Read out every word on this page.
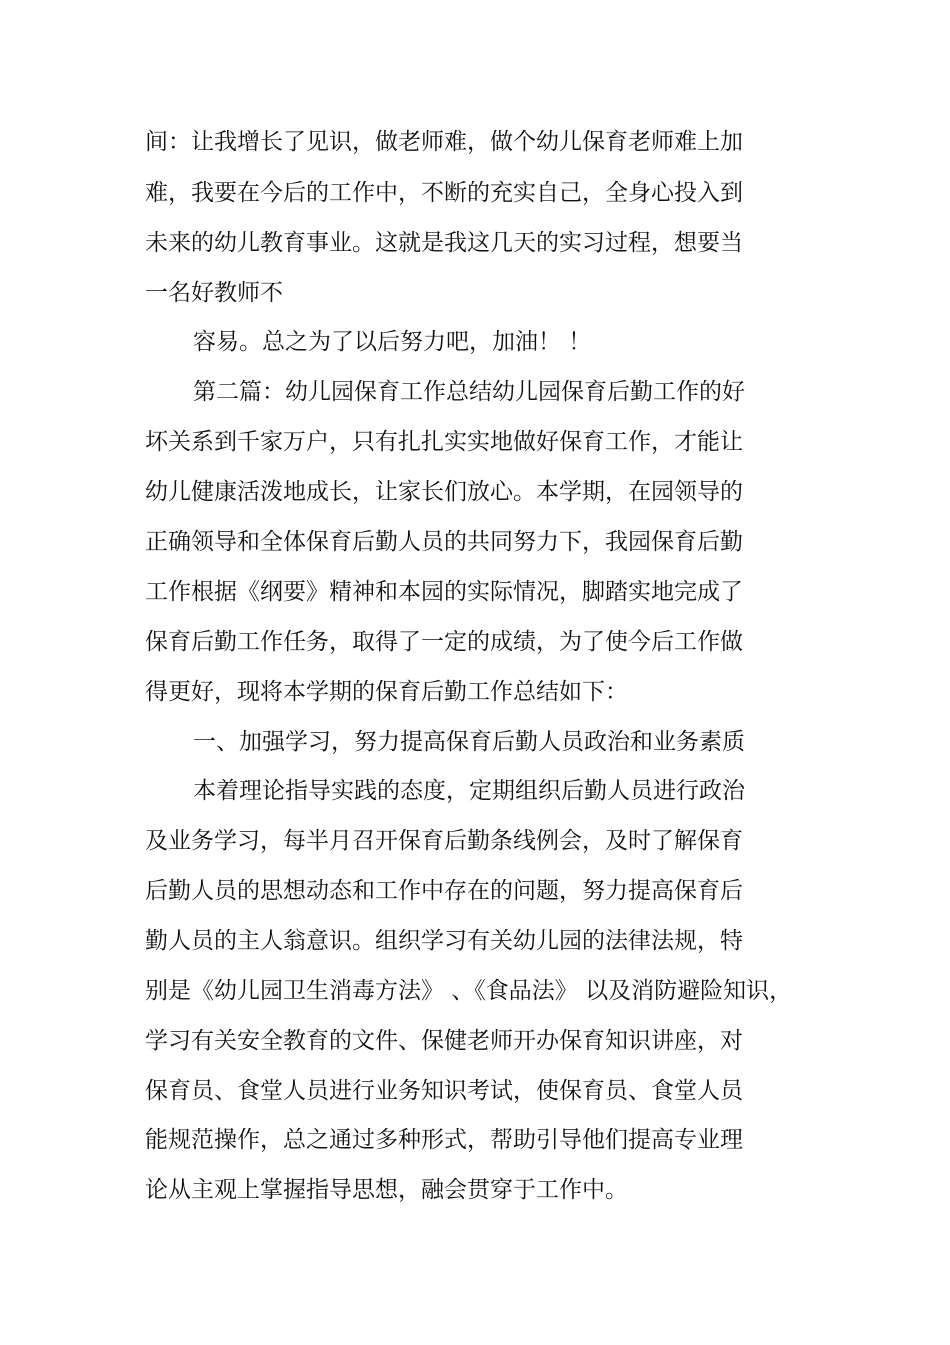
间：让我增长了见识，做老师难，做个幼儿保育老师难上加
难，我要在今后的工作中，不断的充实自己，全身心投入到
未来的幼儿教育事业。这就是我这几天的实习过程，想要当
一名好教师不
容易。总之为了以后努力吧，加油！ ！
第二篇：幼儿园保育工作总结幼儿园保育后勤工作的好
坏关系到千家万户，只有扎扎实实地做好保育工作，才能让
幼儿健康活泼地成长，让家长们放心。本学期，在园领导的
正确领导和全体保育后勤人员的共同努力下，我园保育后勤
工作根据《纲要》精神和本园的实际情况，脚踏实地完成了
保育后勤工作任务，取得了一定的成绩，为了使今后工作做
得更好，现将本学期的保育后勤工作总结如下：
一、加强学习，努力提高保育后勤人员政治和业务素质
本着理论指导实践的态度，定期组织后勤人员进行政治
及业务学习，每半月召开保育后勤条线例会，及时了解保育
后勤人员的思想动态和工作中存在的问题，努力提高保育后
勤人员的主人翁意识。组织学习有关幼儿园的法律法规，特
别是《幼儿园卫生消毒方法》 、《食品法》 以及消防避险知识，
学习有关安全教育的文件、保健老师开办保育知识讲座，对
保育员、食堂人员进行业务知识考试，使保育员、食堂人员
能规范操作，总之通过多种形式，帮助引导他们提高专业理
论从主观上掌握指导思想，融会贯穿于工作中。
